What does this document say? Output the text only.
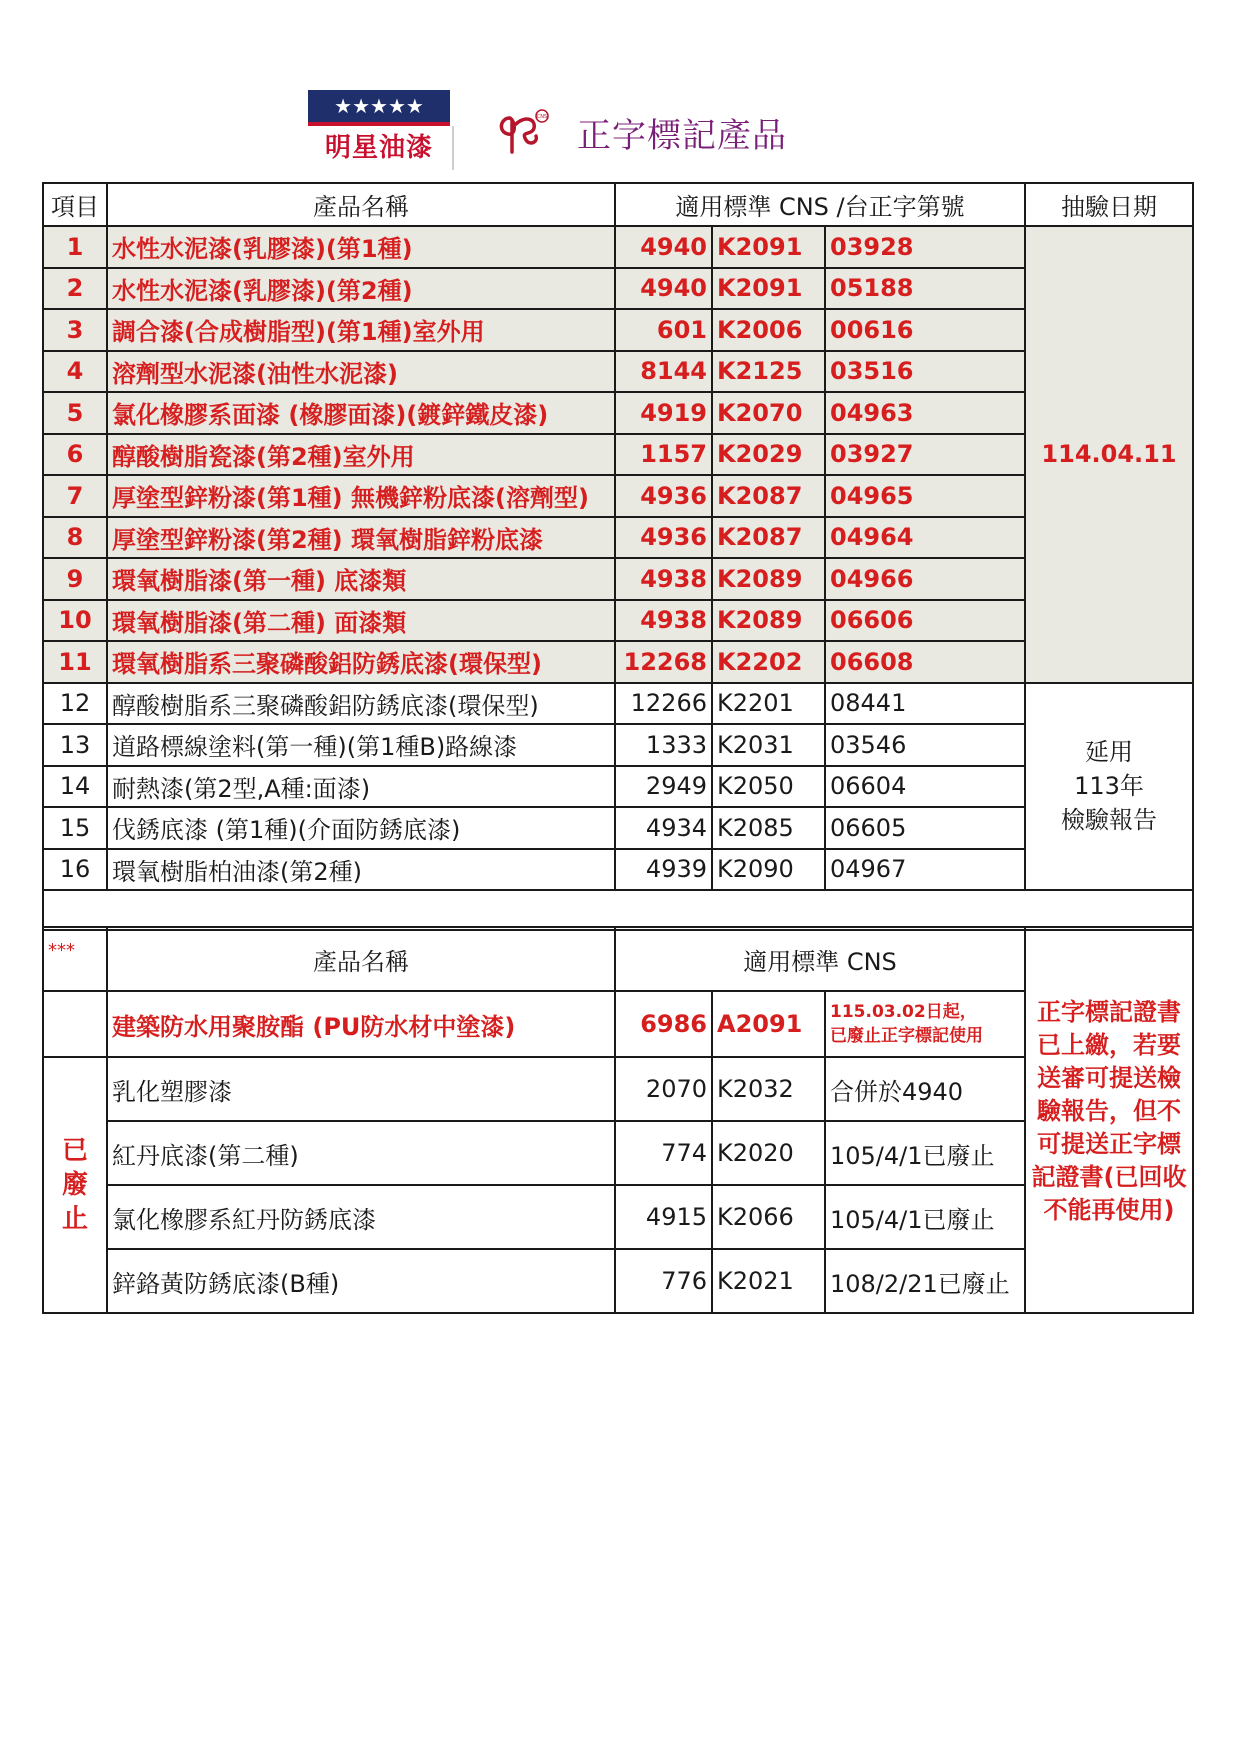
★★★★★
明星油漆
CNS 正字標記產品
項目	產品名稱	適用標準 CNS /台正字第號			抽驗日期
1	水性水泥漆(乳膠漆)(第1種)	4940	K2091	03928	114.04.11
2	水性水泥漆(乳膠漆)(第2種)	4940	K2091	05188	
3	調合漆(合成樹脂型)(第1種)室外用	601	K2006	00616	
4	溶劑型水泥漆(油性水泥漆)	8144	K2125	03516	
5	氯化橡膠系面漆 (橡膠面漆)(鍍鋅鐵皮漆)	4919	K2070	04963	
6	醇酸樹脂瓷漆(第2種)室外用	1157	K2029	03927	
7	厚塗型鋅粉漆(第1種) 無機鋅粉底漆(溶劑型)	4936	K2087	04965	
8	厚塗型鋅粉漆(第2種) 環氧樹脂鋅粉底漆	4936	K2087	04964	
9	環氧樹脂漆(第一種) 底漆類	4938	K2089	04966	
10	環氧樹脂漆(第二種) 面漆類	4938	K2089	06606	
11	環氧樹脂系三聚磷酸鋁防銹底漆(環保型)	12268	K2202	06608	
12	醇酸樹脂系三聚磷酸鋁防銹底漆(環保型)	12266	K2201	08441	延用
113年
檢驗報告

13	道路標線塗料(第一種)(第1種B)路線漆	1333	K2031	03546	
14	耐熱漆(第2型,A種:面漆)	2949	K2050	06604	
15	伐銹底漆 (第1種)(介面防銹底漆)	4934	K2085	06605	
16	環氧樹脂柏油漆(第2種)	4939	K2090	04967	

***	產品名稱	適用標準 CNS			正字標記證書已上繳，若要送審可提送檢驗報告，但不可提送正字標記證書(已回收不能再使用)

	建築防水用聚胺酯 (PU防水材中塗漆)	6986	A2091	115.03.02日起，
已廢止正字標記使用	

已
廢
止	乳化塑膠漆	2070	K2032	合併於4940	
	紅丹底漆(第二種)	774	K2020	105/4/1已廢止	
	氯化橡膠系紅丹防銹底漆	4915	K2066	105/4/1已廢止	
	鋅鉻黃防銹底漆(B種)	776	K2021	108/2/21已廢止	
